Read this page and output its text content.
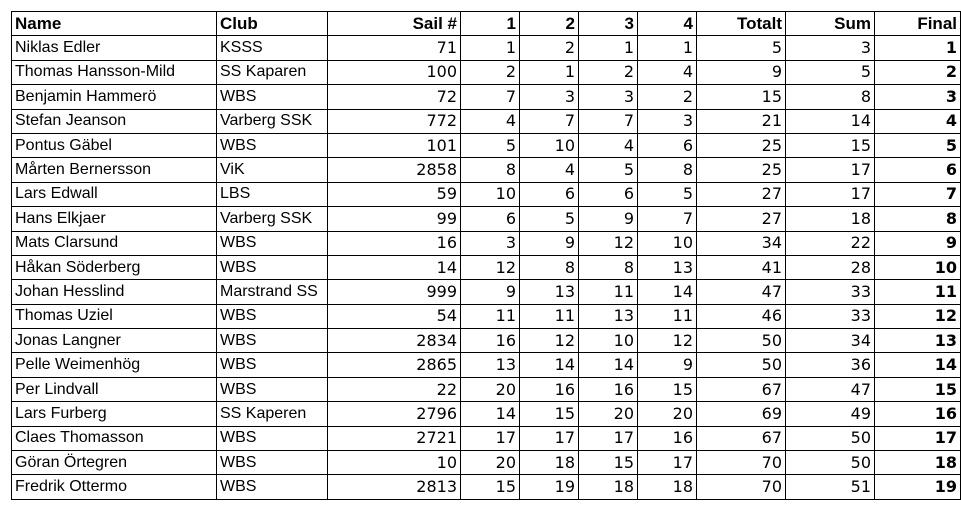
Name	Club	Sail #	1	2	3	4	Totalt	Sum	Final
Niklas Edler	KSSS	71	1	2	1	1	5	3	1
Thomas Hansson-Mild	SS Kaparen	100	2	1	2	4	9	5	2
Benjamin Hammerö	WBS	72	7	3	3	2	15	8	3
Stefan Jeanson	Varberg SSK	772	4	7	7	3	21	14	4
Pontus Gäbel	WBS	101	5	10	4	6	25	15	5
Mårten Bernersson	ViK	2858	8	4	5	8	25	17	6
Lars Edwall	LBS	59	10	6	6	5	27	17	7
Hans Elkjaer	Varberg SSK	99	6	5	9	7	27	18	8
Mats Clarsund	WBS	16	3	9	12	10	34	22	9
Håkan Söderberg	WBS	14	12	8	8	13	41	28	10
Johan Hesslind	Marstrand SS	999	9	13	11	14	47	33	11
Thomas Uziel	WBS	54	11	11	13	11	46	33	12
Jonas Langner	WBS	2834	16	12	10	12	50	34	13
Pelle Weimenhög	WBS	2865	13	14	14	9	50	36	14
Per Lindvall	WBS	22	20	16	16	15	67	47	15
Lars Furberg	SS Kaperen	2796	14	15	20	20	69	49	16
Claes Thomasson	WBS	2721	17	17	17	16	67	50	17
Göran Örtegren	WBS	10	20	18	15	17	70	50	18
Fredrik Ottermo	WBS	2813	15	19	18	18	70	51	19
